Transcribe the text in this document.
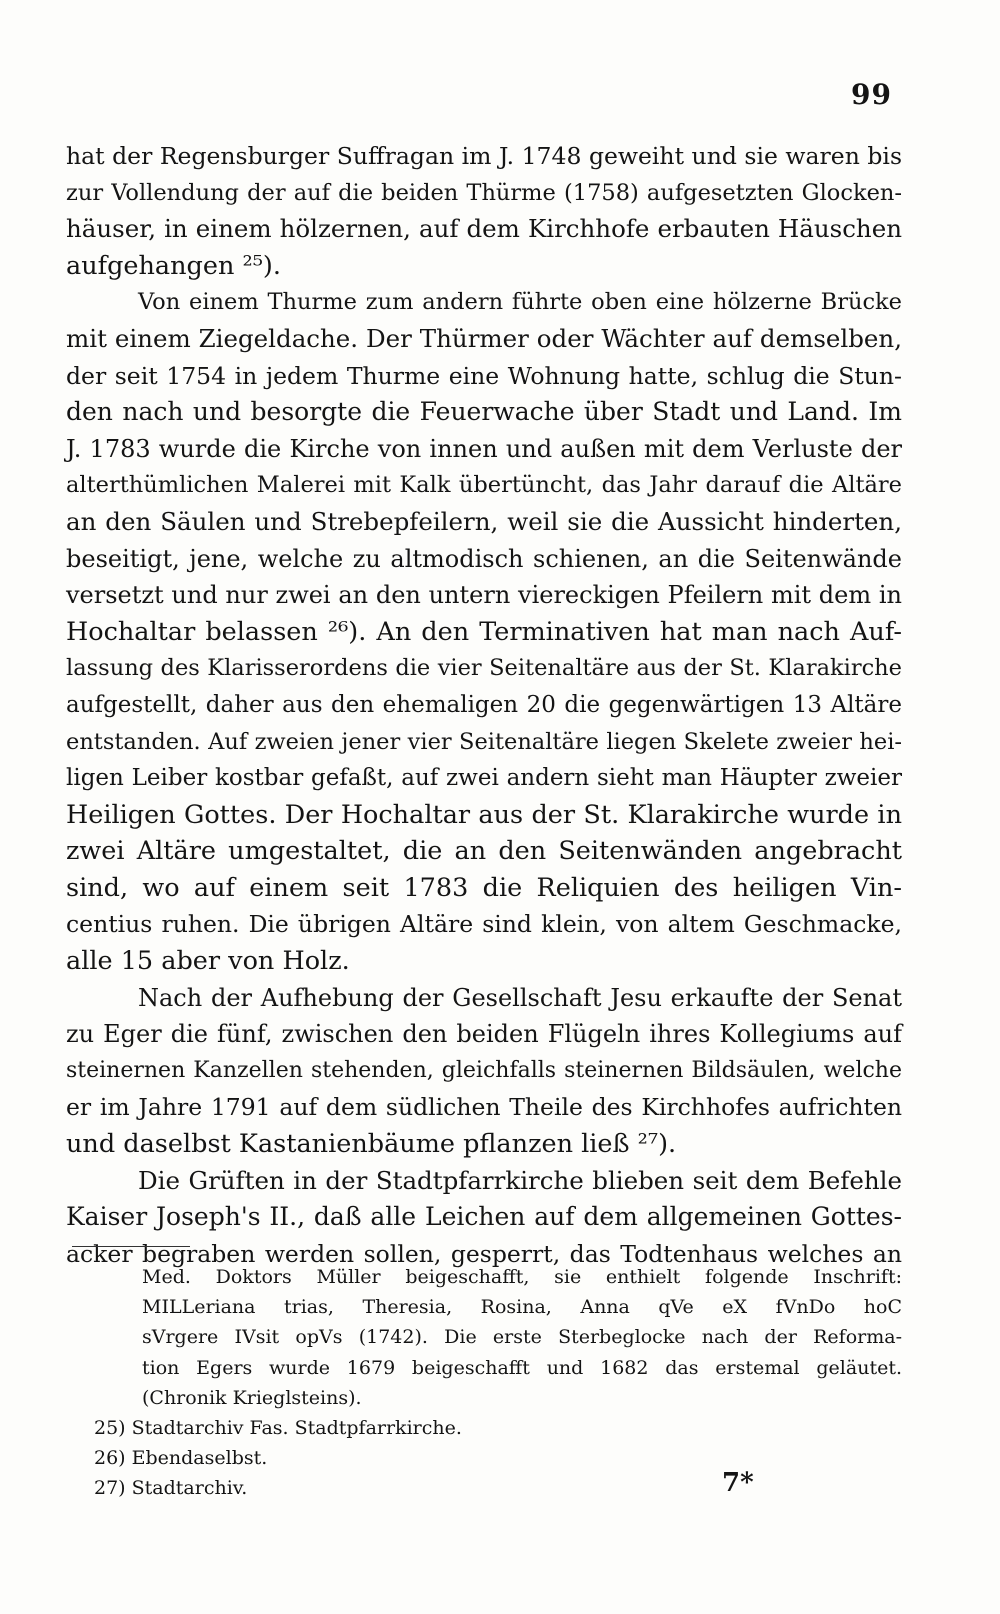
99
hat der Regensburger Suffragan im J. 1748 geweiht und sie waren bis
zur Vollendung der auf die beiden Thürme (1758) aufgesetzten Glocken-
häuser, in einem hölzernen, auf dem Kirchhofe erbauten Häuschen
aufgehangen ²⁵).
Von einem Thurme zum andern führte oben eine hölzerne Brücke
mit einem Ziegeldache. Der Thürmer oder Wächter auf demselben,
der seit 1754 in jedem Thurme eine Wohnung hatte, schlug die Stun-
den nach und besorgte die Feuerwache über Stadt und Land. Im
J. 1783 wurde die Kirche von innen und außen mit dem Verluste der
alterthümlichen Malerei mit Kalk übertüncht, das Jahr darauf die Altäre
an den Säulen und Strebepfeilern, weil sie die Aussicht hinderten,
beseitigt, jene, welche zu altmodisch schienen, an die Seitenwände
versetzt und nur zwei an den untern viereckigen Pfeilern mit dem in
Hochaltar belassen ²⁶). An den Terminativen hat man nach Auf-
lassung des Klarisserordens die vier Seitenaltäre aus der St. Klarakirche
aufgestellt, daher aus den ehemaligen 20 die gegenwärtigen 13 Altäre
entstanden. Auf zweien jener vier Seitenaltäre liegen Skelete zweier hei-
ligen Leiber kostbar gefaßt, auf zwei andern sieht man Häupter zweier
Heiligen Gottes. Der Hochaltar aus der St. Klarakirche wurde in
zwei Altäre umgestaltet, die an den Seitenwänden angebracht
sind, wo auf einem seit 1783 die Reliquien des heiligen Vin-
centius ruhen. Die übrigen Altäre sind klein, von altem Geschmacke,
alle 15 aber von Holz.
Nach der Aufhebung der Gesellschaft Jesu erkaufte der Senat
zu Eger die fünf, zwischen den beiden Flügeln ihres Kollegiums auf
steinernen Kanzellen stehenden, gleichfalls steinernen Bildsäulen, welche
er im Jahre 1791 auf dem südlichen Theile des Kirchhofes aufrichten
und daselbst Kastanienbäume pflanzen ließ ²⁷).
Die Grüften in der Stadtpfarrkirche blieben seit dem Befehle
Kaiser Joseph's II., daß alle Leichen auf dem allgemeinen Gottes-
acker begraben werden sollen, gesperrt, das Todtenhaus welches an
Med. Doktors Müller beigeschafft, sie enthielt folgende Inschrift:
MILLeriana trias, Theresia, Rosina, Anna qVe eX fVnDo hoC
sVrgere IVsit opVs (1742). Die erste Sterbeglocke nach der Reforma-
tion Egers wurde 1679 beigeschafft und 1682 das erstemal geläutet.
(Chronik Krieglsteins).
25) Stadtarchiv Fas. Stadtpfarrkirche.
26) Ebendaselbst.
27) Stadtarchiv.	7*
